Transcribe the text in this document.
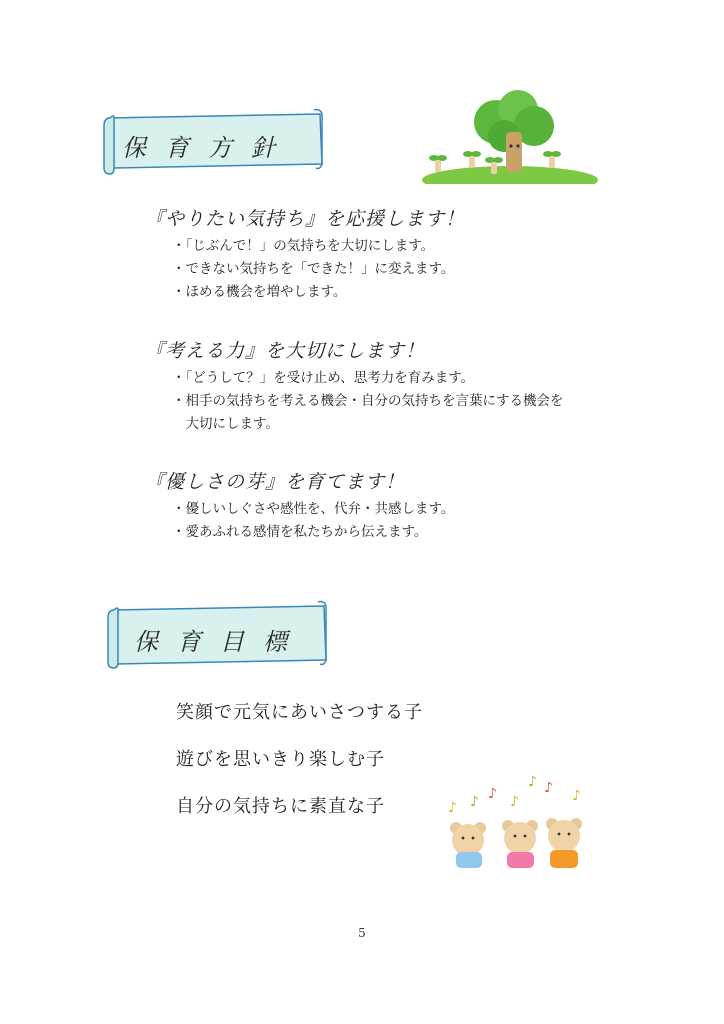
保育方針
『やりたい気持ち』を応援します！
・「じぶんで！」の気持ちを大切にします。
・できない気持ちを「できた！」に変えます。
・ほめる機会を増やします。
『考える力』を大切にします！
・「どうして？」を受け止め、思考力を育みます。
・相手の気持ちを考える機会・自分の気持ちを言葉にする機会を
　大切にします。
『優しさの芽』を育てます！
・優しいしぐさや感性を、代弁・共感します。
・愛あふれる感情を私たちから伝えます。
保育目標
笑顔で元気にあいさつする子
遊びを思いきり楽しむ子
自分の気持ちに素直な子	♪ ♪ ♪ ♪
♪ ♪ ♪
5
